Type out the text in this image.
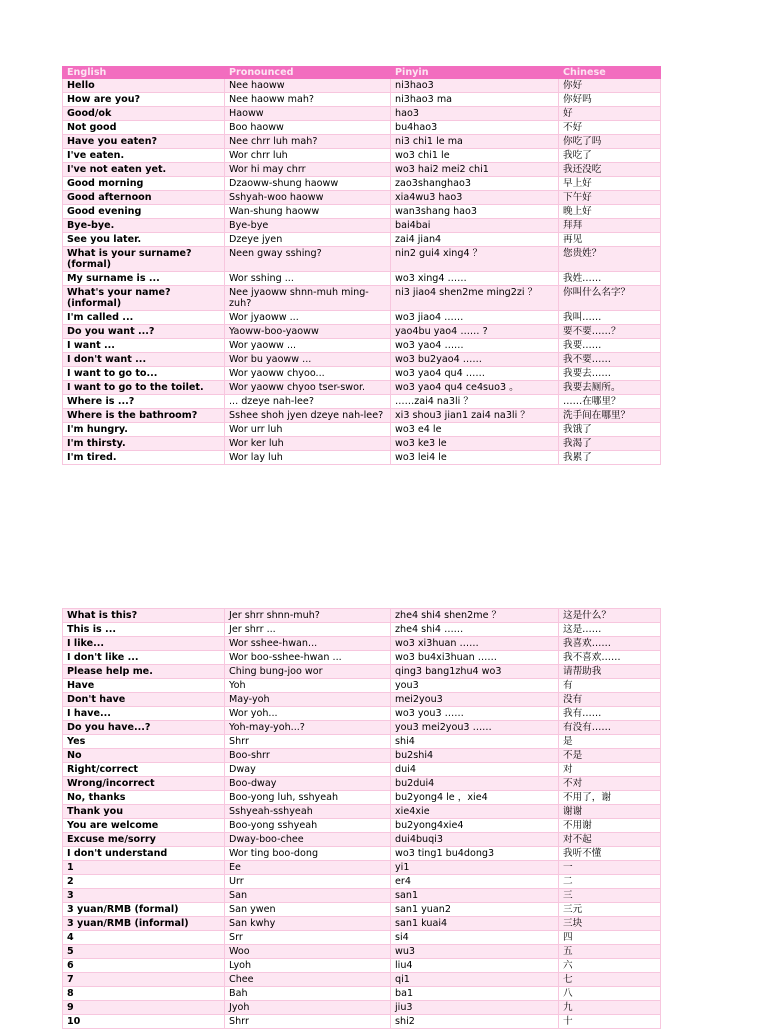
English	Pronounced	Pinyin	Chinese
Hello	Nee haoww	ni3hao3	你好
How are you?	Nee haoww mah?	ni3hao3 ma	你好吗
Good/ok	Haoww	hao3	好
Not good	Boo haoww	bu4hao3	不好
Have you eaten?	Nee chrr luh mah?	ni3 chi1 le ma	你吃了吗
I've eaten.	Wor chrr luh	wo3 chi1 le	我吃了
I've not eaten yet.	Wor hi may chrr	wo3 hai2 mei2 chi1	我还没吃
Good morning	Dzaoww-shung haoww	zao3shanghao3	早上好
Good afternoon	Sshyah-woo haoww	xia4wu3 hao3	下午好
Good evening	Wan-shung haoww	wan3shang hao3	晚上好
Bye-bye.	Bye-bye	bai4bai	拜拜
See you later.	Dzeye jyen	zai4 jian4	再见
What is your surname? (formal)	Neen gway sshing?	nin2 gui4 xing4 ？	您贵姓？
My surname is ...	Wor sshing ...	wo3 xing4 ……	我姓……
What's your name? (informal)	Nee jyaoww shnn-muh ming-zuh?	ni3 jiao4 shen2me ming2zi ？	你叫什么名字？
I'm called ...	Wor jyaoww ...	wo3 jiao4 ……	我叫……
Do you want ...?	Yaoww-boo-yaoww	yao4bu yao4 …… ?	要不要……？
I want ...	Wor yaoww ...	wo3 yao4 ……	我要……
I don't want ...	Wor bu yaoww ...	wo3 bu2yao4 ……	我不要……
I want to go to...	Wor yaoww chyoo...	wo3 yao4 qu4 ……	我要去……
I want to go to the toilet.	Wor yaoww chyoo tser-swor.	wo3 yao4 qu4 ce4suo3 。	我要去厕所。
Where is ...?	... dzeye nah-lee?	……zai4 na3li ？	……在哪里？
Where is the bathroom?	Sshee shoh jyen dzeye nah-lee?	xi3 shou3 jian1 zai4 na3li ？	洗手间在哪里？
I'm hungry.	Wor urr luh	wo3 e4 le	我饿了
I'm thirsty.	Wor ker luh	wo3 ke3 le	我渴了
I'm tired.	Wor lay luh	wo3 lei4 le	我累了
What is this?	Jer shrr shnn-muh?	zhe4 shi4 shen2me ？	这是什么？
This is ...	Jer shrr ...	zhe4 shi4 ……	这是……
I like...	Wor sshee-hwan...	wo3 xi3huan ……	我喜欢……
I don't like ...	Wor boo-sshee-hwan ...	wo3 bu4xi3huan ……	我不喜欢……
Please help me.	Ching bung-joo wor	qing3 bang1zhu4 wo3	请帮助我
Have	Yoh	you3	有
Don't have	May-yoh	mei2you3	没有
I have...	Wor yoh...	wo3 you3 ……	我有……
Do you have...?	Yoh-may-yoh...?	you3 mei2you3 ……	有没有……
Yes	Shrr	shi4	是
No	Boo-shrr	bu2shi4	不是
Right/correct	Dway	dui4	对
Wrong/incorrect	Boo-dway	bu2dui4	不对
No, thanks	Boo-yong luh, sshyeah	bu2yong4 le ，xie4	不用了，谢
Thank you	Sshyeah-sshyeah	xie4xie	谢谢
You are welcome	Boo-yong sshyeah	bu2yong4xie4	不用谢
Excuse me/sorry	Dway-boo-chee	dui4buqi3	对不起
I don't understand	Wor ting boo-dong	wo3 ting1 bu4dong3	我听不懂
1	Ee	yi1	一
2	Urr	er4	二
3	San	san1	三
3 yuan/RMB (formal)	San ywen	san1 yuan2	三元
3 yuan/RMB (informal)	San kwhy	san1 kuai4	三块
4	Srr	si4	四
5	Woo	wu3	五
6	Lyoh	liu4	六
7	Chee	qi1	七
8	Bah	ba1	八
9	Jyoh	jiu3	九
10	Shrr	shi2	十
